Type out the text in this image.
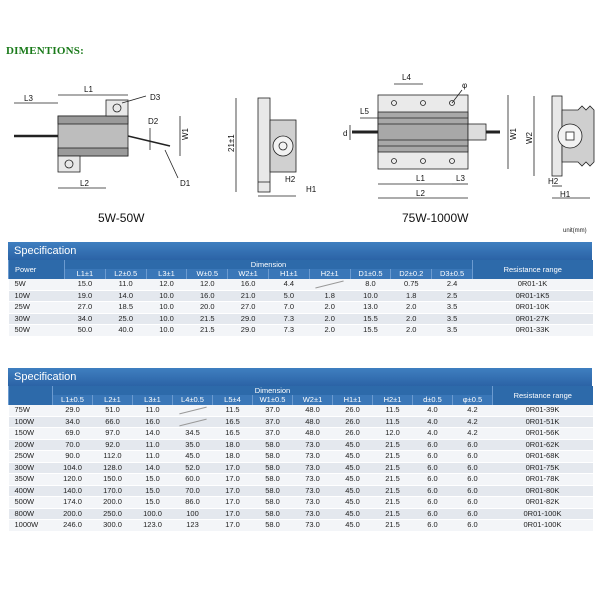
DIMENTIONS:
L3
L1
D3
D2
W1
L2	D1
21±1
H2
H1
L4
φ
L5
d	W1
L1	L3
L2
W2
H2
H1
5W-50W	75W-1000W
unit(mm)
Specification
Power	Dimension										Resistance range
	L1±1	L2±0.5	L3±1	W±0.5	W2±1	H1±1	H2±1	D1±0.5	D2±0.2	D3±0.5	
5W	15.0	11.0	12.0	12.0	16.0	4.4		8.0	0.75	2.4	0R01-1K
10W	19.0	14.0	10.0	16.0	21.0	5.0	1.8	10.0	1.8	2.5	0R01-1K5
25W	27.0	18.5	10.0	20.0	27.0	7.0	2.0	13.0	2.0	3.5	0R01-10K
30W	34.0	25.0	10.0	21.5	29.0	7.3	2.0	15.5	2.0	3.5	0R01-27K
50W	50.0	40.0	10.0	21.5	29.0	7.3	2.0	15.5	2.0	3.5	0R01-33K
Specification
	Dimension											Resistance range
	L1±0.5	L2±1	L3±1	L4±0.5	L5±4	W1±0.5	W2±1	H1±1	H2±1	d±0.5	φ±0.5	
75W	29.0	51.0	11.0		11.5	37.0	48.0	26.0	11.5	4.0	4.2	0R01-39K
100W	34.0	66.0	16.0		16.5	37.0	48.0	26.0	11.5	4.0	4.2	0R01-51K
150W	69.0	97.0	14.0	34.5	16.5	37.0	48.0	26.0	12.0	4.0	4.2	0R01-56K
200W	70.0	92.0	11.0	35.0	18.0	58.0	73.0	45.0	21.5	6.0	6.0	0R01-62K
250W	90.0	112.0	11.0	45.0	18.0	58.0	73.0	45.0	21.5	6.0	6.0	0R01-68K
300W	104.0	128.0	14.0	52.0	17.0	58.0	73.0	45.0	21.5	6.0	6.0	0R01-75K
350W	120.0	150.0	15.0	60.0	17.0	58.0	73.0	45.0	21.5	6.0	6.0	0R01-78K
400W	140.0	170.0	15.0	70.0	17.0	58.0	73.0	45.0	21.5	6.0	6.0	0R01-80K
500W	174.0	200.0	15.0	86.0	17.0	58.0	73.0	45.0	21.5	6.0	6.0	0R01-82K
800W	200.0	250.0	100.0	100	17.0	58.0	73.0	45.0	21.5	6.0	6.0	0R01-100K
1000W	246.0	300.0	123.0	123	17.0	58.0	73.0	45.0	21.5	6.0	6.0	0R01-100K
